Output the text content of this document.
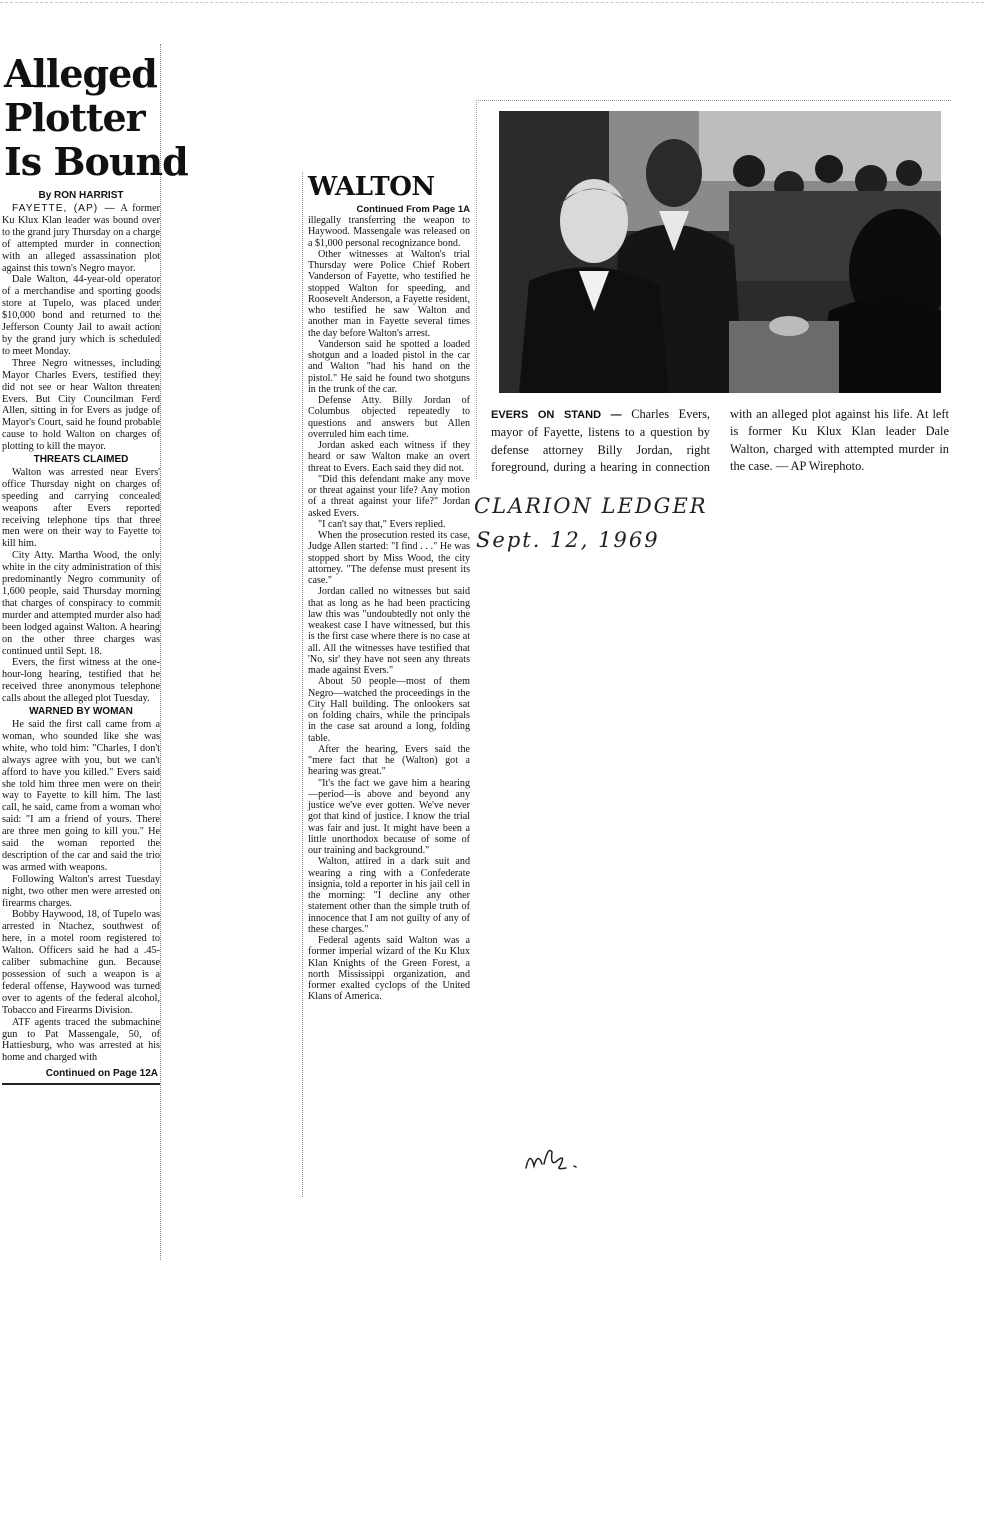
Alleged
Plotter
Is Bound
By RON HARRIST

FAYETTE, (AP) — A former Ku Klux Klan leader was bound over to the grand jury Thursday on a charge of attempted murder in connection with an alleged assassination plot against this town's Negro mayor.

Dale Walton, 44-year-old operator of a merchandise and sporting goods store at Tupelo, was placed under $10,000 bond and returned to the Jefferson County Jail to await action by the grand jury which is scheduled to meet Monday.

Three Negro witnesses, including Mayor Charles Evers, testified they did not see or hear Walton threaten Evers. But City Councilman Ferd Allen, sitting in for Evers as judge of Mayor's Court, said he found probable cause to hold Walton on charges of plotting to kill the mayor.

THREATS CLAIMED

Walton was arrested near Evers' office Thursday night on charges of speeding and carrying concealed weapons after Evers reported receiving telephone tips that three men were on their way to Fayette to kill him.

City Atty. Martha Wood, the only white in the city administration of this predominantly Negro community of 1,600 people, said Thursday morning that charges of conspiracy to commit murder and attempted murder also had been lodged against Walton. A hearing on the other three charges was continued until Sept. 18.

Evers, the first witness at the one-hour-long hearing, testified that he received three anonymous telephone calls about the alleged plot Tuesday.

WARNED BY WOMAN

He said the first call came from a woman, who sounded like she was white, who told him: "Charles, I don't always agree with you, but we can't afford to have you killed." Evers said she told him three men were on their way to Fayette to kill him. The last call, he said, came from a woman who said: "I am a friend of yours. There are three men going to kill you." He said the woman reported the description of the car and said the trio was armed with weapons.

Following Walton's arrest Tuesday night, two other men were arrested on firearms charges.

Bobby Haywood, 18, of Tupelo was arrested in Ntachez, southwest of here, in a motel room registered to Walton. Officers said he had a .45-caliber submachine gun. Because possession of such a weapon is a federal offense, Haywood was turned over to agents of the federal alcohol, Tobacco and Firearms Division.

ATF agents traced the submachine gun to Pat Massengale, 50, of Hattiesburg, who was arrested at his home and charged with

Continued on Page 12A
WALTON
Continued From Page 1A

illegally transferring the weapon to Haywood. Massengale was released on a $1,000 personal recognizance bond.

Other witnesses at Walton's trial Thursday were Police Chief Robert Vanderson of Fayette, who testified he stopped Walton for speeding, and Roosevelt Anderson, a Fayette resident, who testified he saw Walton and another man in Fayette several times the day before Walton's arrest.

Vanderson said he spotted a loaded shotgun and a loaded pistol in the car and Walton "had his hand on the pistol." He said he found two shotguns in the trunk of the car.

Defense Atty. Billy Jordan of Columbus objected repeatedly to questions and answers but Allen overruled him each time.

Jordan asked each witness if they heard or saw Walton make an overt threat to Evers. Each said they did not.

"Did this defendant make any move or threat against your life? Any motion of a threat against your life?" Jordan asked Evers.

"I can't say that," Evers replied.

When the prosecution rested its case, Judge Allen started: "I find . . ." He was stopped short by Miss Wood, the city attorney. "The defense must present its case."

Jordan called no witnesses but said that as long as he had been practicing law this was "undoubtedly not only the weakest case I have witnessed, but this is the first case where there is no case at all. All the witnesses have testified that 'No, sir' they have not seen any threats made against Evers."

About 50 people—most of them Negro—watched the proceedings in the City Hall building. The onlookers sat on folding chairs, while the principals in the case sat around a long, folding table.

After the hearing, Evers said the "mere fact that he (Walton) got a hearing was great."

"It's the fact we gave him a hearing—period—is above and beyond any justice we've ever gotten. We've never got that kind of justice. I know the trial was fair and just. It might have been a little unorthodox because of some of our training and background."

Walton, attired in a dark suit and wearing a ring with a Confederate insignia, told a reporter in his jail cell in the morning: "I decline any other statement other than the simple truth of innocence that I am not guilty of any of these charges."

Federal agents said Walton was a former imperial wizard of the Ku Klux Klan Knights of the Green Forest, a north Mississippi organization, and former exalted cyclops of the United Klans of America.

EVERS ON STAND — Charles Evers, mayor of Fayette, listens to a question by defense attorney Billy Jordan, right foreground, during a hearing in connection with an alleged plot against his life. At left is former Ku Klux Klan leader Dale Walton, charged with attempted murder in the case. — AP Wirephoto.
CLARION LEDGER
Sept. 12, 1969
